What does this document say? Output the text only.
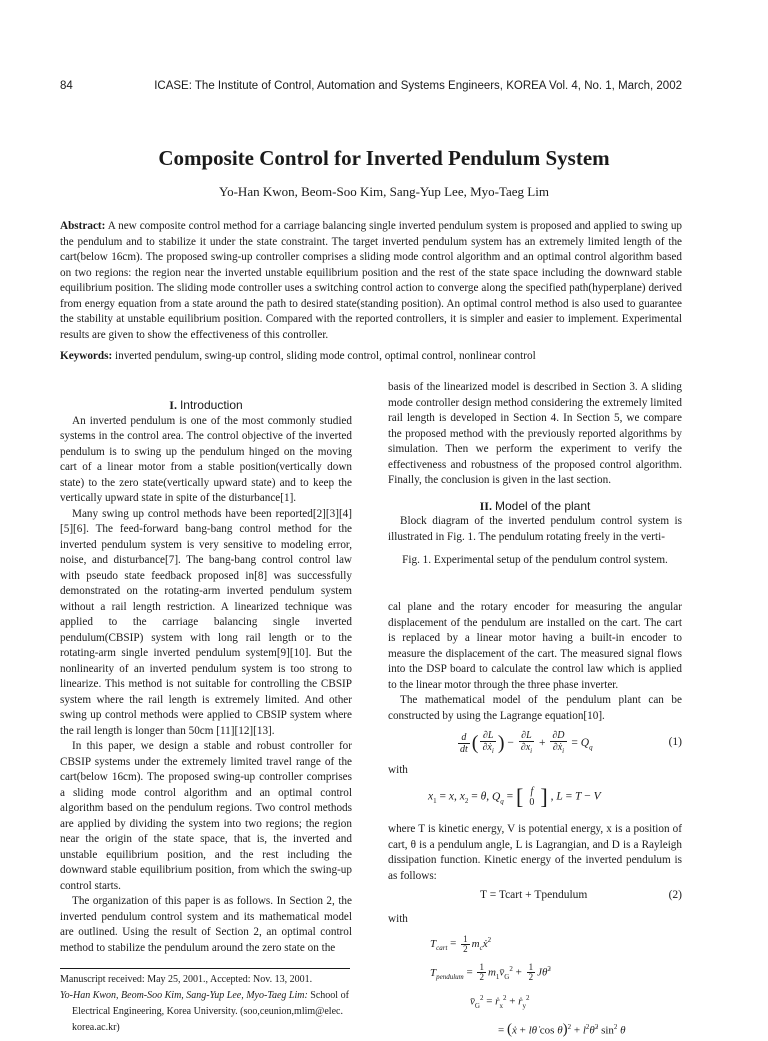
84	ICASE: The Institute of Control, Automation and Systems Engineers, KOREA Vol. 4, No. 1, March, 2002
Composite Control for Inverted Pendulum System
Yo-Han Kwon, Beom-Soo Kim, Sang-Yup Lee, Myo-Taeg Lim
Abstract: A new composite control method for a carriage balancing single inverted pendulum system is proposed and applied to swing up the pendulum and to stabilize it under the state constraint. The target inverted pendulum system has an extremely limited length of the cart(below 16cm). The proposed swing-up controller comprises a sliding mode control algorithm and an optimal control algorithm based on two regions: the region near the inverted unstable equilibrium position and the rest of the state space including the downward stable equilibrium position. The sliding mode controller uses a switching control action to converge along the specified path(hyperplane) derived from energy equation from a state around the path to desired state(standing position). An optimal control method is also used to guarantee the stability at unstable equilibrium position. Compared with the reported controllers, it is simpler and easier to implement. Experimental results are given to show the effectiveness of this controller.
Keywords: inverted pendulum, swing-up control, sliding mode control, optimal control, nonlinear control
I. Introduction

An inverted pendulum is one of the most commonly studied systems in the control area. The control objective of the inverted pendulum is to swing up the pendulum hinged on the moving cart of a linear motor from a stable position(vertically down state) to the zero state(vertically upward state) and to keep the vertically upward state in spite of the disturbance[1].

Many swing up control methods have been reported[2][3][4][5][6]. The feed-forward bang-bang control method for the inverted pendulum system is very sensitive to modeling error, noise, and disturbance[7]. The bang-bang control control law with pseudo state feedback proposed in[8] was successfully demonstrated on the rotating-arm inverted pendulum system without a rail length restriction. A linearized technique was applied to the carriage balancing single inverted pendulum(CBSIP) system with long rail length or to the rotating-arm single inverted pendulum system[9][10]. But the nonlinearity of an inverted pendulum system is too strong to linearize. This method is not suitable for controlling the CBSIP system where the rail length is extremely limited. And other swing up control methods were applied to CBSIP system where the rail length is longer than 50cm [11][12][13].

In this paper, we design a stable and robust controller for CBSIP systems under the extremely limited travel range of the cart(below 16cm). The proposed swing-up controller comprises a sliding mode control algorithm and an optimal control algorithm based on the pendulum regions. Two control methods are applied by dividing the system into two regions; the region near the origin of the state space, that is, the inverted and unstable equilibrium position, and the rest including the downward stable equilibrium position, from which the swing-up control starts.

The organization of this paper is as follows. In Section 2, the inverted pendulum control system and its mathematical model are outlined. Using the result of Section 2, an optimal control method to stabilize the pendulum around the zero state on the

basis of the linearized model is described in Section 3. A sliding mode controller design method considering the extremely limited rail length is developed in Section 4. In Section 5, we compare the proposed method with the previously reported algorithms by simulation. Then we perform the experiment to verify the effectiveness and robustness of the proposed control algorithm. Finally, the conclusion is given in the last section.

II. Model of the plant

Block diagram of the inverted pendulum control system is illustrated in Fig. 1. The pendulum rotating freely in the verti-

Fig. 1. Experimental setup of the pendulum control system.

cal plane and the rotary encoder for measuring the angular displacement of the pendulum are installed on the cart. The cart is replaced by a linear motor having a built-in encoder to measure the displacement of the cart. The measured signal flows into the DSP board to calculate the control law which is applied to the linear motor through the three phase inverter.

The mathematical model of the pendulum plant can be constructed by using the Lagrange equation[10].

$\frac{d}{dt}$ ( $\frac{\partial L}{\partial ẋ_i}$ ) − $\frac{\partial L}{\partial x_i} + \frac{\partial D}{\partial ẋ_i} = Q_q$	(1)
with
$x_1 = x$, $x_2 = \theta$, $Q_q$ = [ f
0 ] , L = T − V
where T is kinetic energy, V is potential energy, x is a position of cart, θ is a pendulum angle, L is Lagrangian, and D is a Rayleigh dissipation function. Kinetic energy of the inverted pendulum is as follows:
T = Tcart + Tpendulum	(2)
with
$T_{cart} = \frac{1}{2}$ $m_cẋ^2$
$T_{pendulum} = \frac{1}{2}$ $m_1v̄_G^2 + \frac{1}{2}$ Jθ̇$^2$
$v̄_G^2$ = ṙ$_x^2$ + ṙ$_y^2$
= (ẋ + lθ̇ $\cos \theta)^2 + l^2\thetȧ^2$ $\sin^2 \theta$
Manuscript received: May 25, 2001., Accepted: Nov. 13, 2001.
Yo-Han Kwon, Beom-Soo Kim, Sang-Yup Lee, Myo-Taeg Lim: School of
Electrical Engineering, Korea University. (soo,ceunion,mlim@elec.
korea.ac.kr)
